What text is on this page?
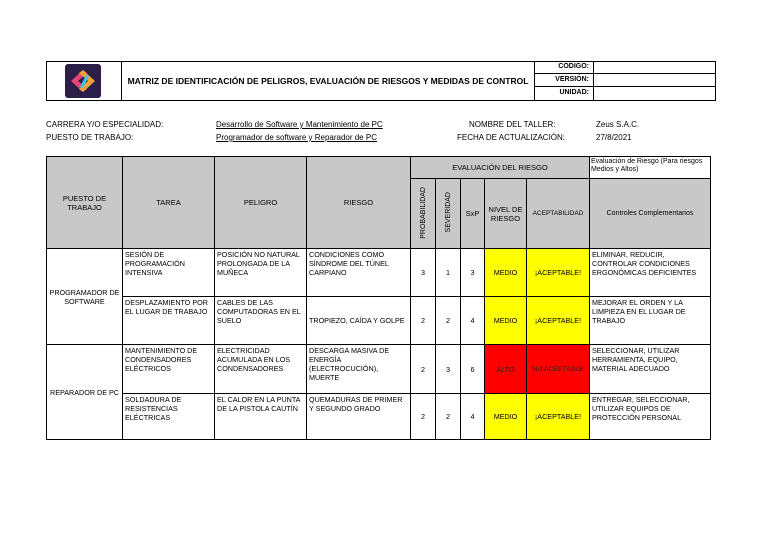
MATRIZ DE IDENTIFICACIÓN DE PELIGROS, EVALUACIÓN DE RIESGOS Y MEDIDAS DE CONTROL
CÓDIGO:
VERSIÓN:
UNIDAD:
CARRERA Y/O ESPECIALIDAD:	Desarrollo de Software y Mantenimiento de PC
PUESTO DE TRABAJO:	Programador de software y Reparador de PC
NOMBRE DEL TALLER:	Zeus S.A.C.
FECHA DE ACTUALIZACIÓN:	27/8/2021
PUESTO DE TRABAJO	TAREA	PELIGRO	RIESGO	EVALUACIÓN DEL RIESGO					Evaluación de Riesgo (Para riesgos Medios y Altos)
				PROBABILIDAD	SEVERIDAD	SxP	NIVEL DE RIESGO	ACEPTABILIDAD	Controles Complementarios
PROGRAMADOR DE SOFTWARE	SESIÓN DE PROGRAMACIÓN INTENSIVA	POSICIÓN NO NATURAL PROLONGADA DE LA MUÑECA	CONDICIONES COMO SÍNDROME DEL TÚNEL CARPIANO	3	1	3	MEDIO	¡ACEPTABLE!	ELIMINAR, REDUCIR, CONTROLAR CONDICIONES ERGONÓMICAS DEFICIENTES
	DESPLAZAMIENTO POR EL LUGAR DE TRABAJO	CABLES DE LAS COMPUTADORAS EN EL SUELO	TROPIEZO, CAÍDA Y GOLPE	2	2	4	MEDIO	¡ACEPTABLE!	MEJORAR EL ORDEN Y LA LIMPIEZA EN EL LUGAR DE TRABAJO
REPARADOR DE PC	MANTENIMIENTO DE CONDENSADORES ELÉCTRICOS	ELECTRICIDAD ACUMULADA EN LOS CONDENSADORES	DESCARGA MASIVA DE ENERGÍA (ELECTROCUCIÓN), MUERTE	2	3	6	ALTO	NO ACEPTABLE	SELECCIONAR, UTILIZAR HERRAMIENTA, EQUIPO, MATERIAL ADECUADO
	SOLDADURA DE RESISTENCIAS ELÉCTRICAS	EL CALOR EN LA PUNTA DE LA PISTOLA CAUTÍN	QUEMADURAS DE PRIMER Y SEGUNDO GRADO	2	2	4	MEDIO	¡ACEPTABLE!	ENTREGAR, SELECCIONAR, UTILIZAR EQUIPOS DE PROTECCIÓN PERSONAL
